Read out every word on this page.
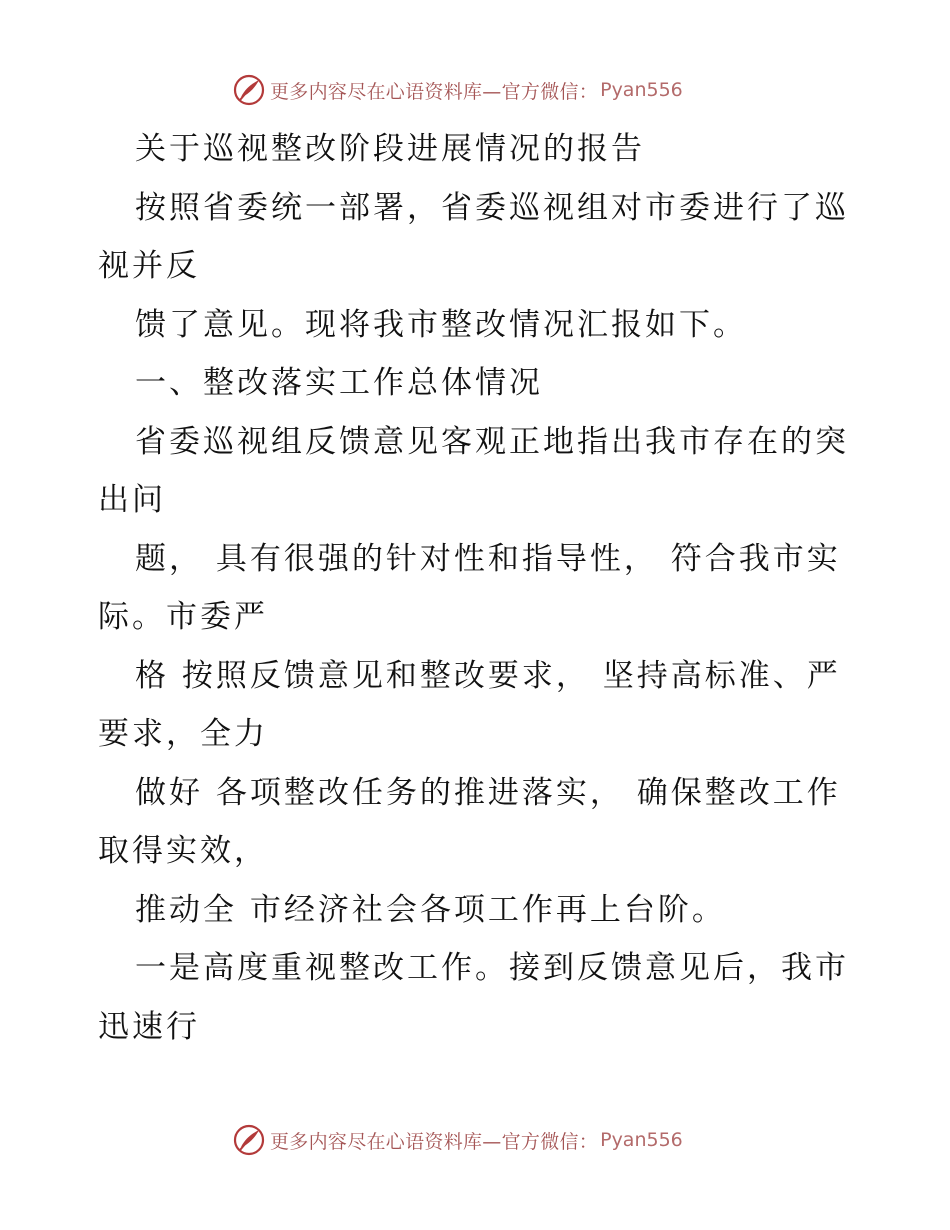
更多内容尽在心语资料库—官方微信： Pyan556
关于巡视整改阶段进展情况的报告
按照省委统一部署，省委巡视组对市委进行了巡
视并反
馈了意见。现将我市整改情况汇报如下。
一、整改落实工作总体情况
省委巡视组反馈意见客观正地指出我市存在的突
出问
题， 具有很强的针对性和指导性， 符合我市实
际。市委严
格 按照反馈意见和整改要求， 坚持高标准、严
要求，全力
做好 各项整改任务的推进落实， 确保整改工作
取得实效，
推动全 市经济社会各项工作再上台阶。
一是高度重视整改工作。接到反馈意见后，我市
迅速行
更多内容尽在心语资料库—官方微信： Pyan556
